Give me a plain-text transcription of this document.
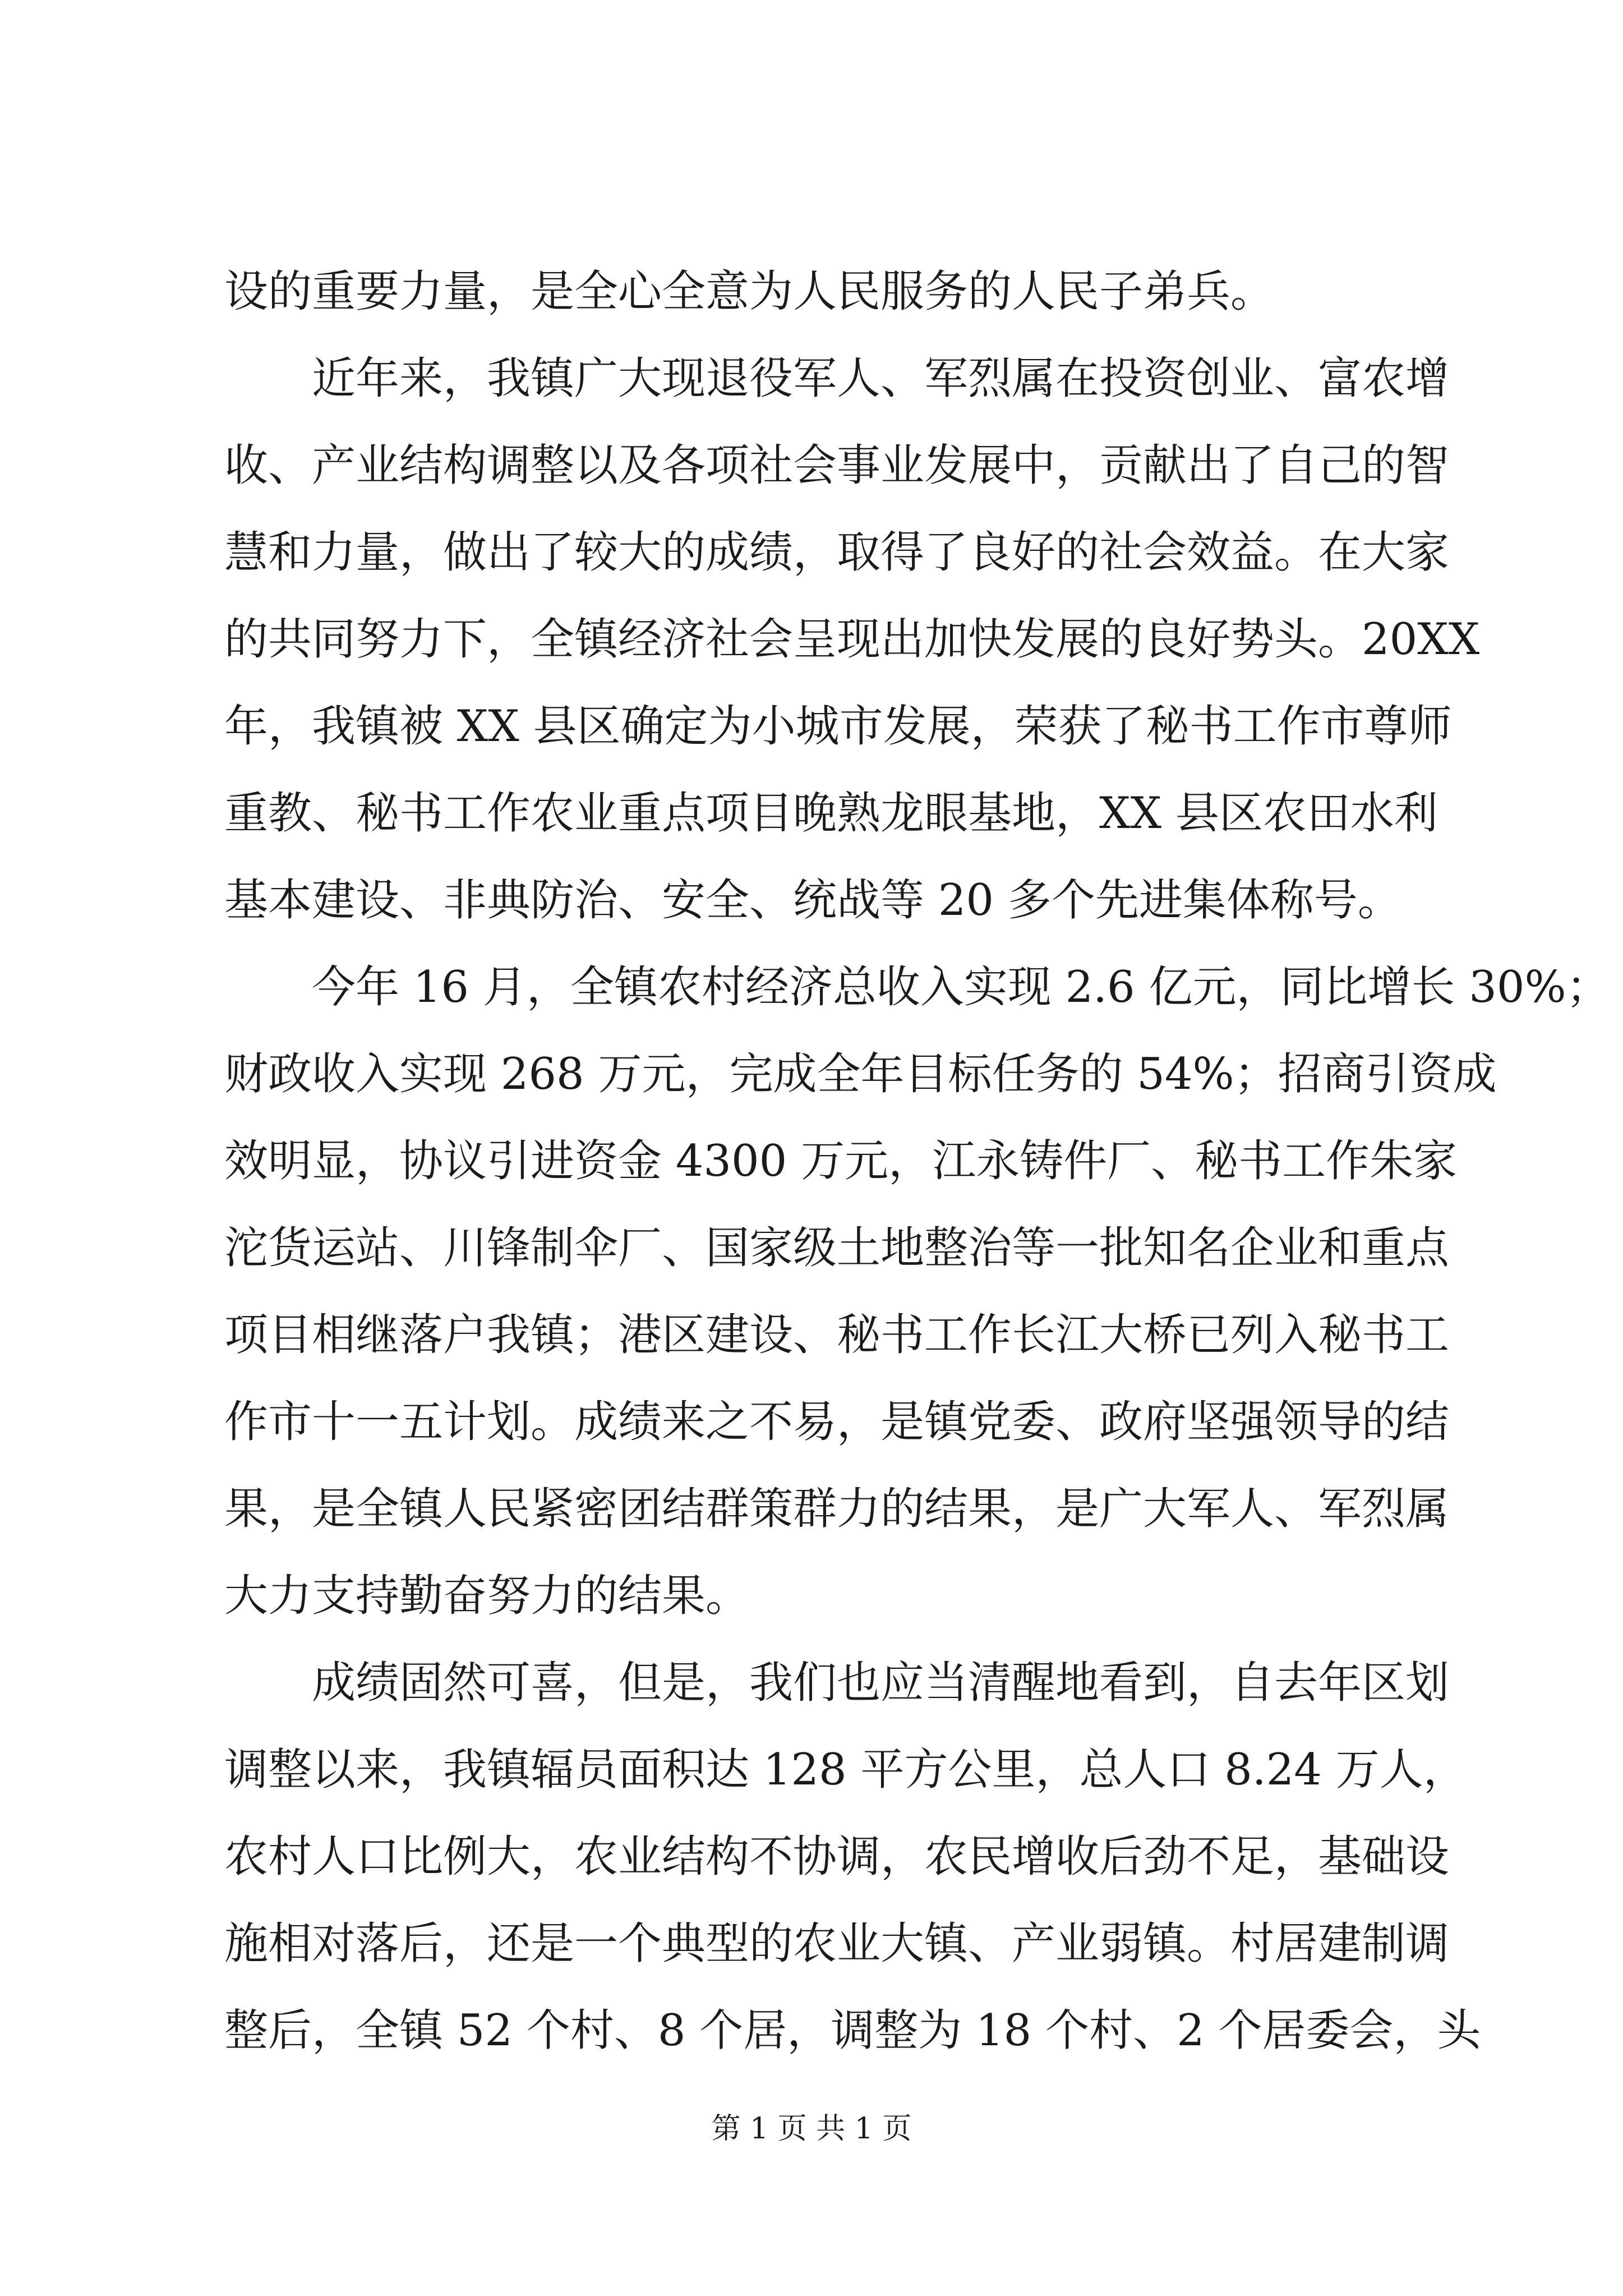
设的重要力量，是全心全意为人民服务的人民子弟兵。
近年来，我镇广大现退役军人、军烈属在投资创业、富农增
收、产业结构调整以及各项社会事业发展中，贡献出了自己的智
慧和力量，做出了较大的成绩，取得了良好的社会效益。在大家
的共同努力下，全镇经济社会呈现出加快发展的良好势头。20XX
年，我镇被 XX 县区确定为小城市发展，荣获了秘书工作市尊师
重教、秘书工作农业重点项目晚熟龙眼基地，XX 县区农田水利
基本建设、非典防治、安全、统战等 20 多个先进集体称号。
今年 16 月，全镇农村经济总收入实现 2.6 亿元，同比增长 30%；
财政收入实现 268 万元，完成全年目标任务的 54%；招商引资成
效明显，协议引进资金 4300 万元，江永铸件厂、秘书工作朱家
沱货运站、川锋制伞厂、国家级土地整治等一批知名企业和重点
项目相继落户我镇；港区建设、秘书工作长江大桥已列入秘书工
作市十一五计划。成绩来之不易，是镇党委、政府坚强领导的结
果，是全镇人民紧密团结群策群力的结果，是广大军人、军烈属
大力支持勤奋努力的结果。
成绩固然可喜，但是，我们也应当清醒地看到，自去年区划
调整以来，我镇辐员面积达 128 平方公里，总人口 8.24 万人，
农村人口比例大，农业结构不协调，农民增收后劲不足，基础设
施相对落后，还是一个典型的农业大镇、产业弱镇。村居建制调
整后，全镇 52 个村、8 个居，调整为 18 个村、2 个居委会，头
第 1 页 共 1 页
